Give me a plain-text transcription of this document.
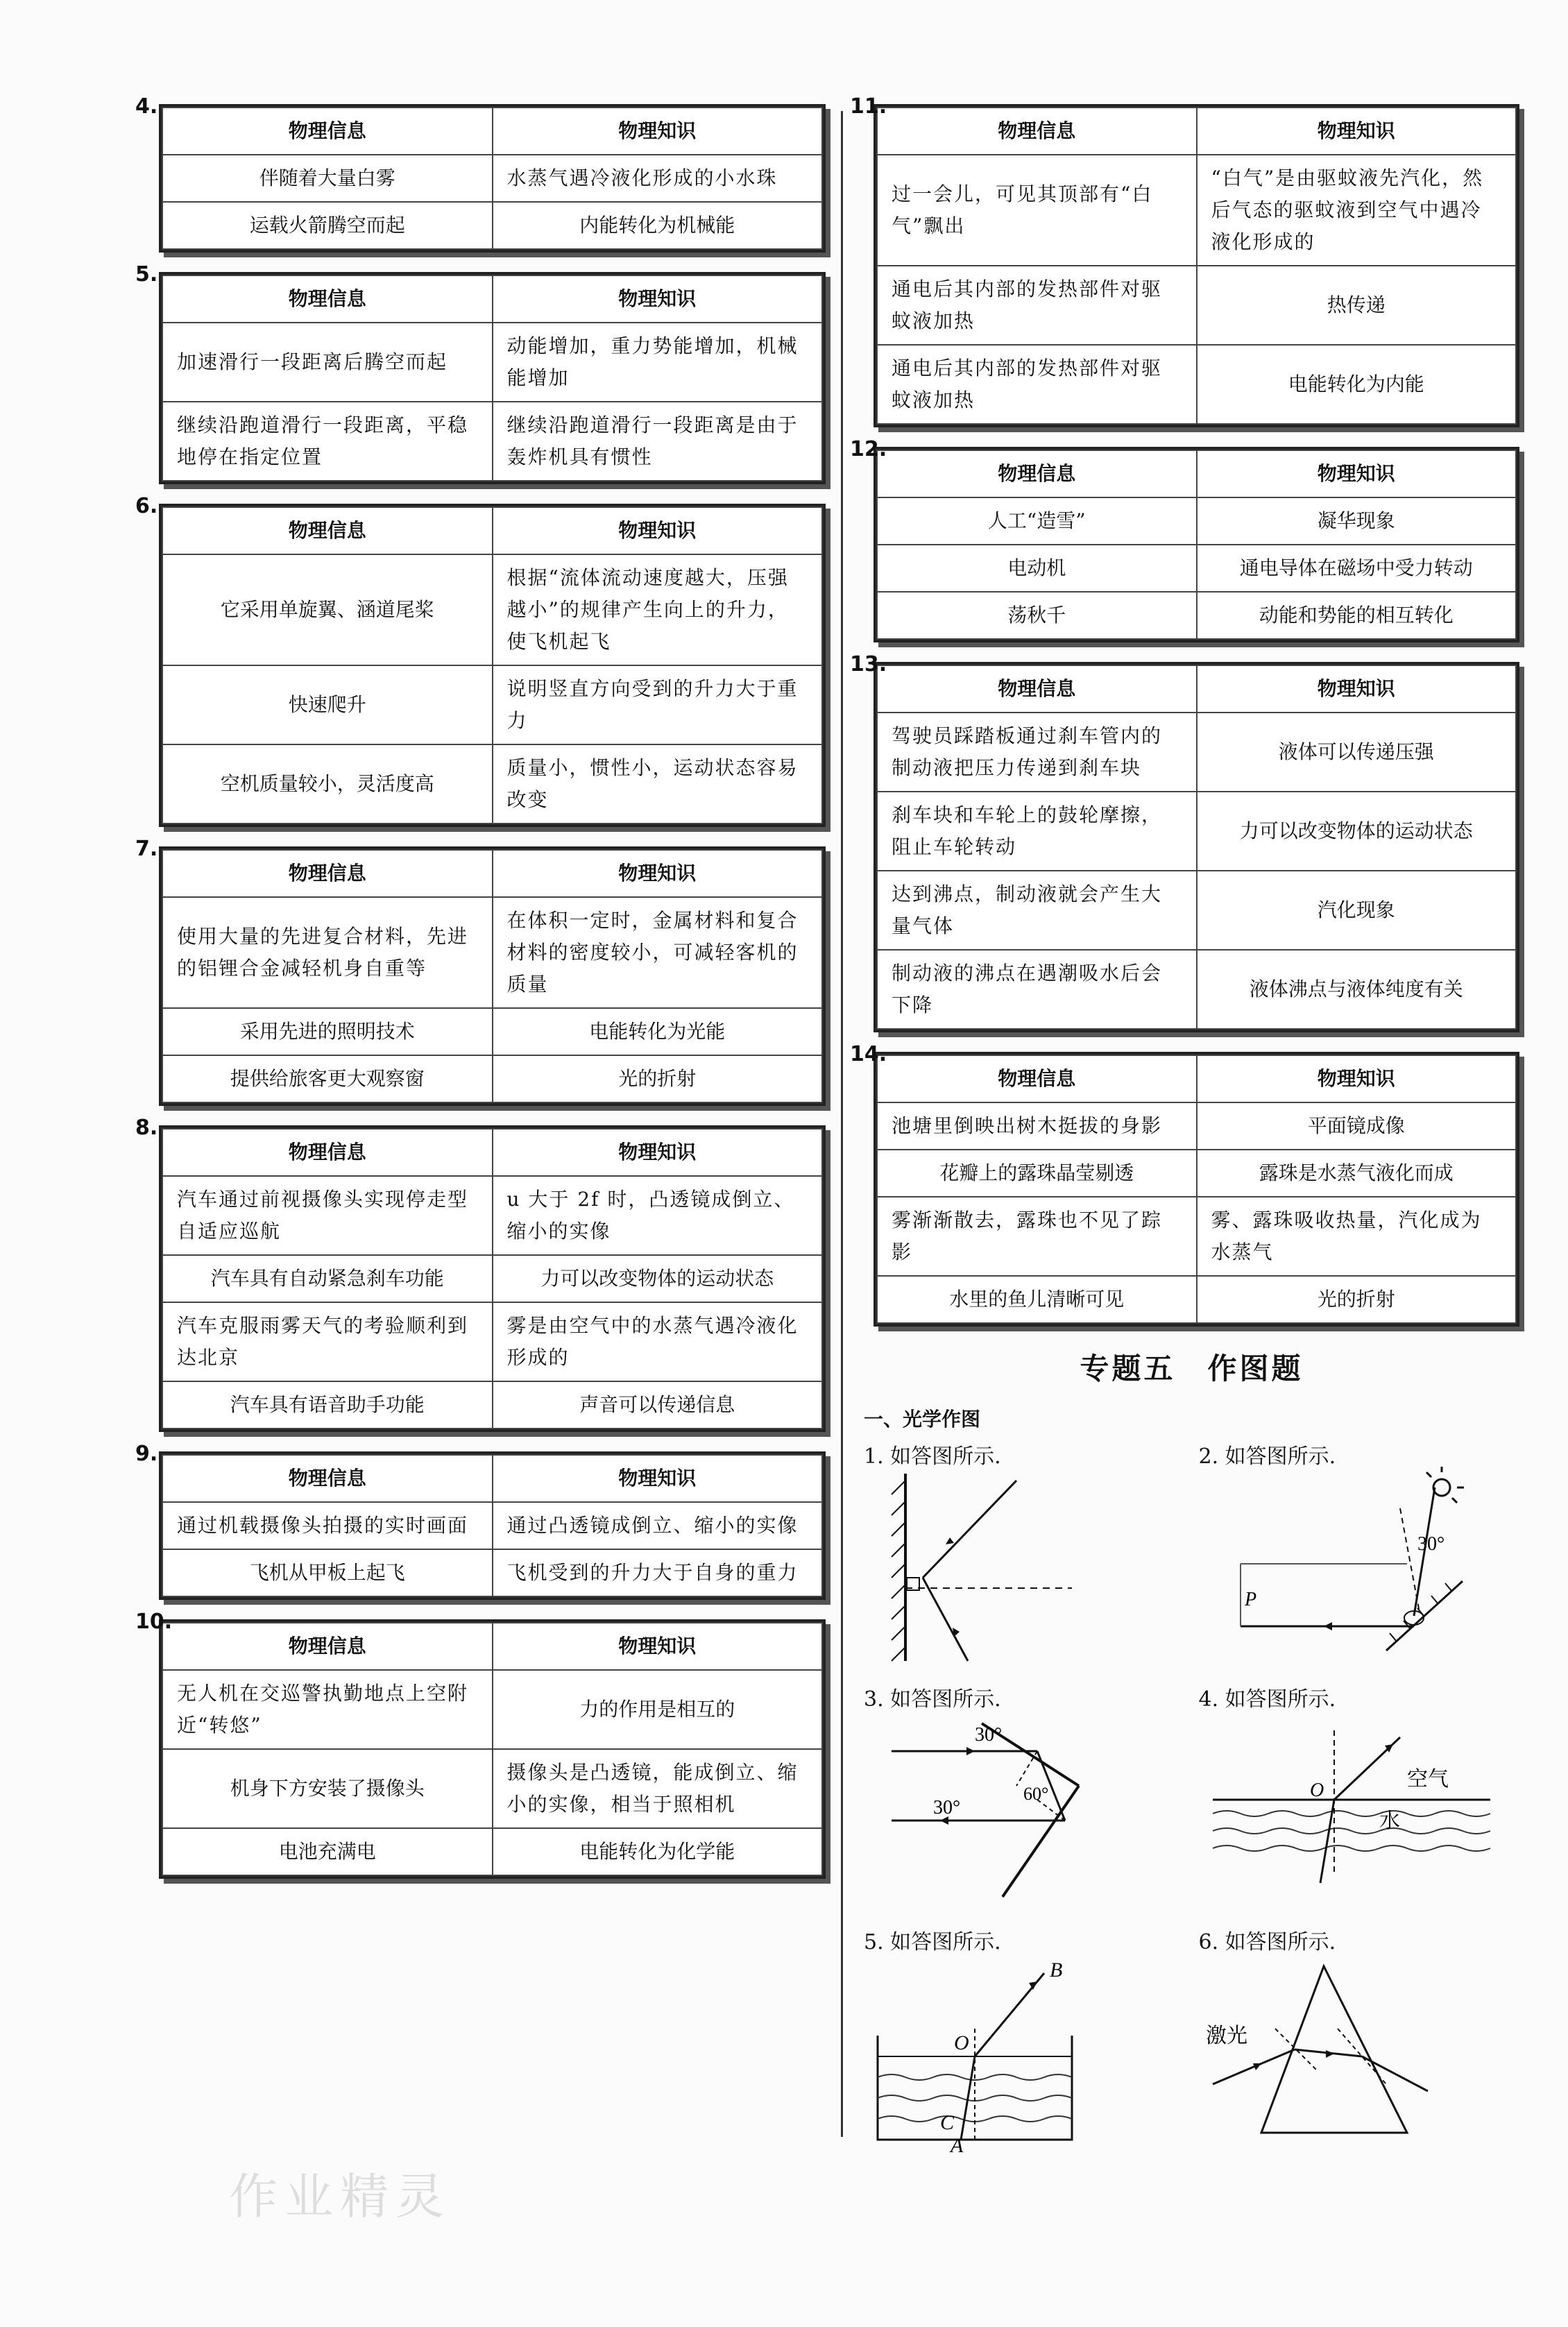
4.
物理信息	物理知识
伴随着大量白雾	水蒸气遇冷液化形成的小水珠
运载火箭腾空而起	内能转化为机械能
5.
物理信息	物理知识
加速滑行一段距离后腾空而起	动能增加，重力势能增加，机械能增加
继续沿跑道滑行一段距离，平稳地停在指定位置	继续沿跑道滑行一段距离是由于轰炸机具有惯性
6.
物理信息	物理知识
它采用单旋翼、涵道尾桨	根据“流体流动速度越大，压强越小”的规律产生向上的升力，使飞机起飞
快速爬升	说明竖直方向受到的升力大于重力
空机质量较小，灵活度高	质量小，惯性小，运动状态容易改变
7.
物理信息	物理知识
使用大量的先进复合材料，先进的铝锂合金减轻机身自重等	在体积一定时，金属材料和复合材料的密度较小，可减轻客机的质量
采用先进的照明技术	电能转化为光能
提供给旅客更大观察窗	光的折射
8.
物理信息	物理知识
汽车通过前视摄像头实现停走型自适应巡航	u 大于 2f 时，凸透镜成倒立、缩小的实像
汽车具有自动紧急刹车功能	力可以改变物体的运动状态
汽车克服雨雾天气的考验顺利到达北京	雾是由空气中的水蒸气遇冷液化形成的
汽车具有语音助手功能	声音可以传递信息
9.
物理信息	物理知识
通过机载摄像头拍摄的实时画面	通过凸透镜成倒立、缩小的实像
飞机从甲板上起飞	飞机受到的升力大于自身的重力
10.
物理信息	物理知识
无人机在交巡警执勤地点上空附近“转悠”	力的作用是相互的
机身下方安装了摄像头	摄像头是凸透镜，能成倒立、缩小的实像，相当于照相机
电池充满电	电能转化为化学能
11.
物理信息	物理知识
过一会儿，可见其顶部有“白气”飘出	“白气”是由驱蚊液先汽化，然后气态的驱蚊液到空气中遇冷液化形成的
通电后其内部的发热部件对驱蚊液加热	热传递
通电后其内部的发热部件对驱蚊液加热	电能转化为内能
12.
物理信息	物理知识
人工“造雪”	凝华现象
电动机	通电导体在磁场中受力转动
荡秋千	动能和势能的相互转化
13.
物理信息	物理知识
驾驶员踩踏板通过刹车管内的制动液把压力传递到刹车块	液体可以传递压强
刹车块和车轮上的鼓轮摩擦，阻止车轮转动	力可以改变物体的运动状态
达到沸点，制动液就会产生大量气体	汽化现象
制动液的沸点在遇潮吸水后会下降	液体沸点与液体纯度有关
14.
物理信息	物理知识
池塘里倒映出树木挺拔的身影	平面镜成像
花瓣上的露珠晶莹剔透	露珠是水蒸气液化而成
雾渐渐散去，露珠也不见了踪影	雾、露珠吸收热量，汽化成为水蒸气
水里的鱼儿清晰可见	光的折射
专题五　作图题
一、光学作图
1. 如答图所示.	2. 如答图所示.
30°
P
3. 如答图所示.
30°
30°
60°
4. 如答图所示.
空气
O
水
5. 如答图所示.
B
O
C
A
6. 如答图所示.
激光
作业精灵
